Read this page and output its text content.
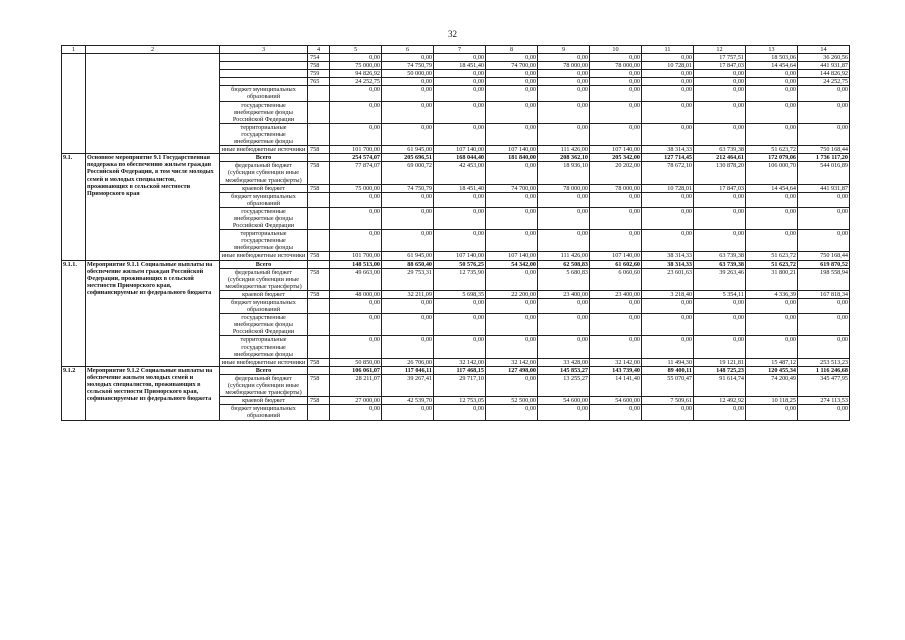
32
1	2	3	4	5	6	7	8	9	10	11	12	13	14
			754	0,00	0,00	0,00	0,00	0,00	0,00	0,00	17 757,51	18 503,06	36 260,56
			758	75 000,00	74 750,79	18 451,40	74 700,00	78 000,00	78 000,00	10 728,01	17 847,03	14 454,64	441 931,87
			759	94 826,92	50 000,00	0,00	0,00	0,00	0,00	0,00	0,00	0,00	144 826,92
			765	24 252,75	0,00	0,00	0,00	0,00	0,00	0,00	0,00	0,00	24 252,75
		бюджет муниципальных образований		0,00	0,00	0,00	0,00	0,00	0,00	0,00	0,00	0,00	0,00
		государственные внебюджетные фонды Российской Федерации		0,00	0,00	0,00	0,00	0,00	0,00	0,00	0,00	0,00	0,00
		территориальные государственные внебюджетные фонды		0,00	0,00	0,00	0,00	0,00	0,00	0,00	0,00	0,00	0,00
		иные внебюджетные источники	758	101 700,00	61 945,00	107 140,00	107 140,00	111 426,00	107 140,00	38 314,33	63 739,38	51 623,72	750 168,44
9.1.	Основное мероприятие 9.1 Государственная поддержка по обеспечению жильем граждан Российской Федерации, в том числе молодых семей и молодых специалистов, проживающих в сельской местности Приморского края	Всего		254 574,07	205 696,51	168 044,40	181 840,00	208 362,10	205 342,00	127 714,45	212 464,61	172 079,06	1 736 117,20
		федеральный бюджет (субсидии субвенции иные межбюджетные трансферты)	758	77 874,07	69 000,72	42 453,00	0,00	18 936,10	20 202,00	78 672,10	130 878,20	106 000,70	544 016,89
		краевой бюджет	758	75 000,00	74 750,79	18 451,40	74 700,00	78 000,00	78 000,00	10 728,01	17 847,03	14 454,64	441 931,87
		бюджет муниципальных образований		0,00	0,00	0,00	0,00	0,00	0,00	0,00	0,00	0,00	0,00
		государственные внебюджетные фонды Российской Федерации		0,00	0,00	0,00	0,00	0,00	0,00	0,00	0,00	0,00	0,00
		территориальные государственные внебюджетные фонды		0,00	0,00	0,00	0,00	0,00	0,00	0,00	0,00	0,00	0,00
		иные внебюджетные источники	758	101 700,00	61 945,00	107 140,00	107 140,00	111 426,00	107 140,00	38 314,33	63 739,38	51 623,72	750 168,44
9.1.1.	Мероприятие 9.1.1 Социальные выплаты на обеспечение жильем граждан Российской Федерации, проживающих в сельской местности Приморского края, софинансируемые из федерального бюджета	Всего		148 513,00	88 650,40	50 576,25	54 342,00	62 508,83	61 602,60	38 314,33	63 739,38	51 623,72	619 870,52
		федеральный бюджет (субсидии субвенции иные межбюджетные трансферты)	758	49 663,00	29 753,31	12 735,90	0,00	5 680,83	6 060,60	23 601,63	39 263,46	31 800,21	198 558,94
		краевой бюджет	758	48 000,00	32 211,09	5 698,35	22 200,00	23 400,00	23 400,00	3 218,40	5 354,11	4 336,39	167 818,34
		бюджет муниципальных образований		0,00	0,00	0,00	0,00	0,00	0,00	0,00	0,00	0,00	0,00
		государственные внебюджетные фонды Российской Федерации		0,00	0,00	0,00	0,00	0,00	0,00	0,00	0,00	0,00	0,00
		территориальные государственные внебюджетные фонды		0,00	0,00	0,00	0,00	0,00	0,00	0,00	0,00	0,00	0,00
		иные внебюджетные источники	758	50 850,00	26 706,00	32 142,00	32 142,00	33 428,00	32 142,00	11 494,30	19 121,81	15 487,12	253 513,23
9.1.2	Мероприятие 9.1.2 Социальные выплаты на обеспечение жильем молодых семей и молодых специалистов, проживающих в сельской местности Приморского края, софинансируемые из федерального бюджета	Всего		106 061,07	117 046,11	117 468,15	127 498,00	145 853,27	143 739,40	89 400,11	148 725,23	120 455,34	1 116 246,68
		федеральный бюджет (субсидии субвенции иные межбюджетные трансферты)	758	28 211,07	39 267,41	29 717,10	0,00	13 255,27	14 141,40	55 070,47	91 614,74	74 200,49	345 477,95
		краевой бюджет	758	27 000,00	42 539,70	12 753,05	52 500,00	54 600,00	54 600,00	7 509,61	12 492,92	10 118,25	274 113,53
		бюджет муниципальных образований		0,00	0,00	0,00	0,00	0,00	0,00	0,00	0,00	0,00	0,00
